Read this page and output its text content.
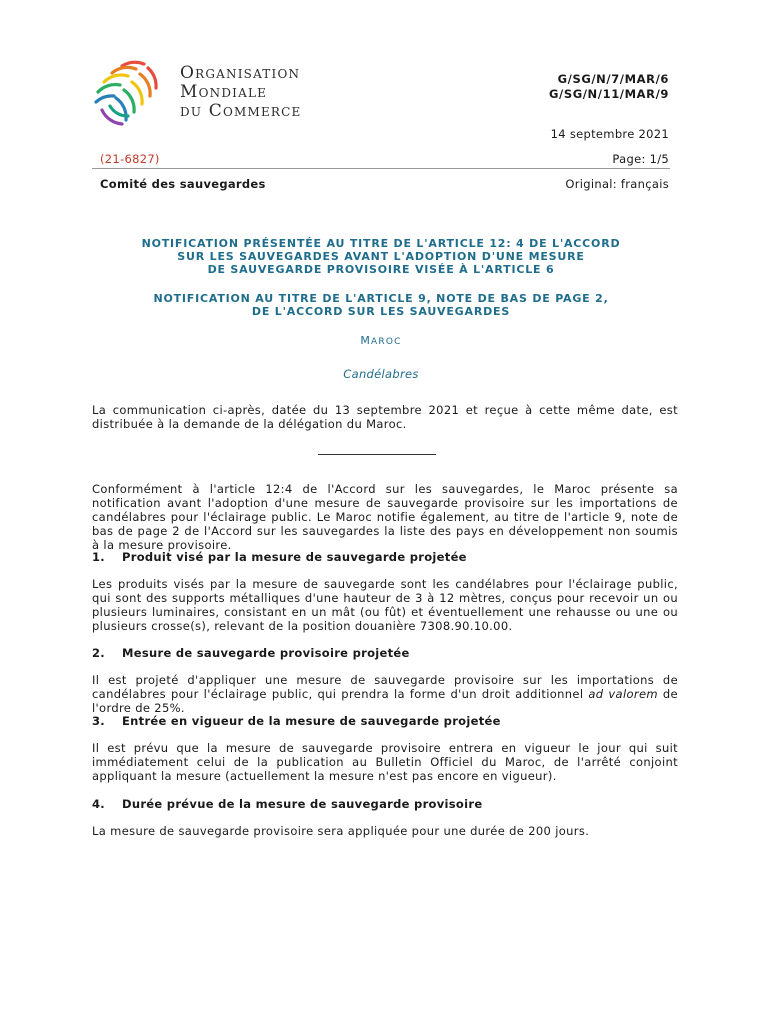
Organisation
Mondiale
du Commerce
G/SG/N/7/MAR/6
G/SG/N/11/MAR/9
14 septembre 2021
(21-6827)	Page: 1/5
Comité des sauvegardes	Original: français
NOTIFICATION PRÉSENTÉE AU TITRE DE L'ARTICLE 12: 4 DE L'ACCORD
SUR LES SAUVEGARDES AVANT L'ADOPTION D'UNE MESURE
DE SAUVEGARDE PROVISOIRE VISÉE À L'ARTICLE 6
NOTIFICATION AU TITRE DE L'ARTICLE 9, NOTE DE BAS DE PAGE 2,
DE L'ACCORD SUR LES SAUVEGARDES
MAROC
Candélabres
La communication ci-après, datée du 13 septembre 2021 et reçue à cette même date, est distribuée à la demande de la délégation du Maroc.
Conformément à l'article 12:4 de l'Accord sur les sauvegardes, le Maroc présente sa notification avant l'adoption d'une mesure de sauvegarde provisoire sur les importations de candélabres pour l'éclairage public. Le Maroc notifie également, au titre de l'article 9, note de bas de page 2 de l'Accord sur les sauvegardes la liste des pays en développement non soumis à la mesure provisoire.
1. Produit visé par la mesure de sauvegarde projetée
Les produits visés par la mesure de sauvegarde sont les candélabres pour l'éclairage public, qui sont des supports métalliques d'une hauteur de 3 à 12 mètres, conçus pour recevoir un ou plusieurs luminaires, consistant en un mât (ou fût) et éventuellement une rehausse ou une ou plusieurs crosse(s), relevant de la position douanière 7308.90.10.00.
2. Mesure de sauvegarde provisoire projetée
Il est projeté d'appliquer une mesure de sauvegarde provisoire sur les importations de candélabres pour l'éclairage public, qui prendra la forme d'un droit additionnel ad valorem de l'ordre de 25%.
3. Entrée en vigueur de la mesure de sauvegarde projetée
Il est prévu que la mesure de sauvegarde provisoire entrera en vigueur le jour qui suit immédiatement celui de la publication au Bulletin Officiel du Maroc, de l'arrêté conjoint appliquant la mesure (actuellement la mesure n'est pas encore en vigueur).
4. Durée prévue de la mesure de sauvegarde provisoire
La mesure de sauvegarde provisoire sera appliquée pour une durée de 200 jours.
